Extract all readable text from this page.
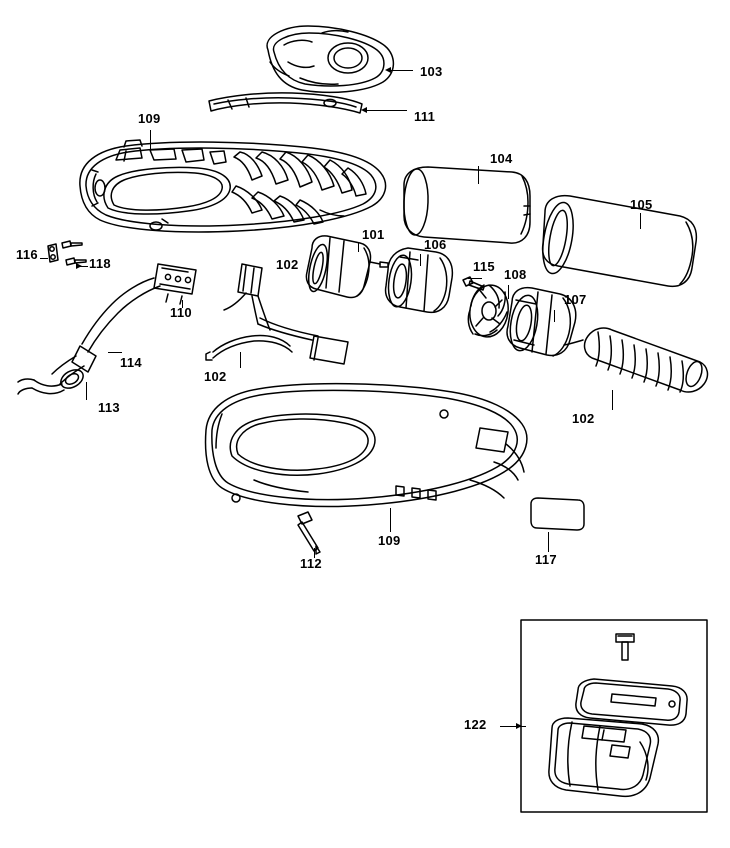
103
111
109
104
105
101
106
102	115
108
107
116
118
110
114
102
113
102
109
112	117
122
